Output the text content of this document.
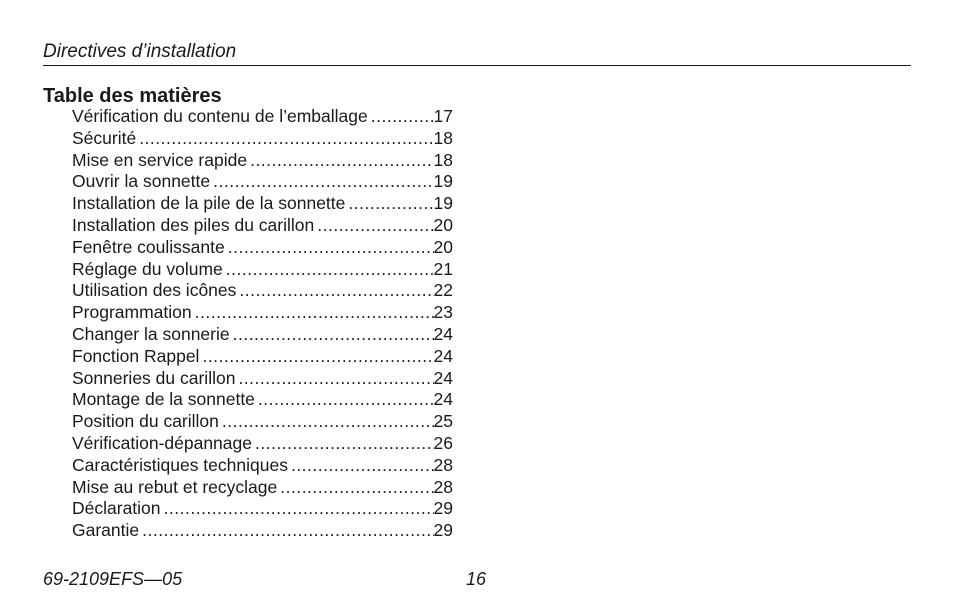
Directives d’installation
Table des matières
Vérification du contenu de l’emballage .....	17
Sécurité .....	18
Mise en service rapide .....	18
Ouvrir la sonnette .....	19
Installation de la pile de la sonnette .....	19
Installation des piles du carillon .....	20
Fenêtre coulissante .....	20
Réglage du volume .....	21
Utilisation des icônes .....	22
Programmation .....	23
Changer la sonnerie .....	24
Fonction Rappel .....	24
Sonneries du carillon .....	24
Montage de la sonnette .....	24
Position du carillon .....	25
Vérification-dépannage .....	26
Caractéristiques techniques .....	28
Mise au rebut et recyclage .....	28
Déclaration .....	29
Garantie .....	29
69-2109EFS—05	16
